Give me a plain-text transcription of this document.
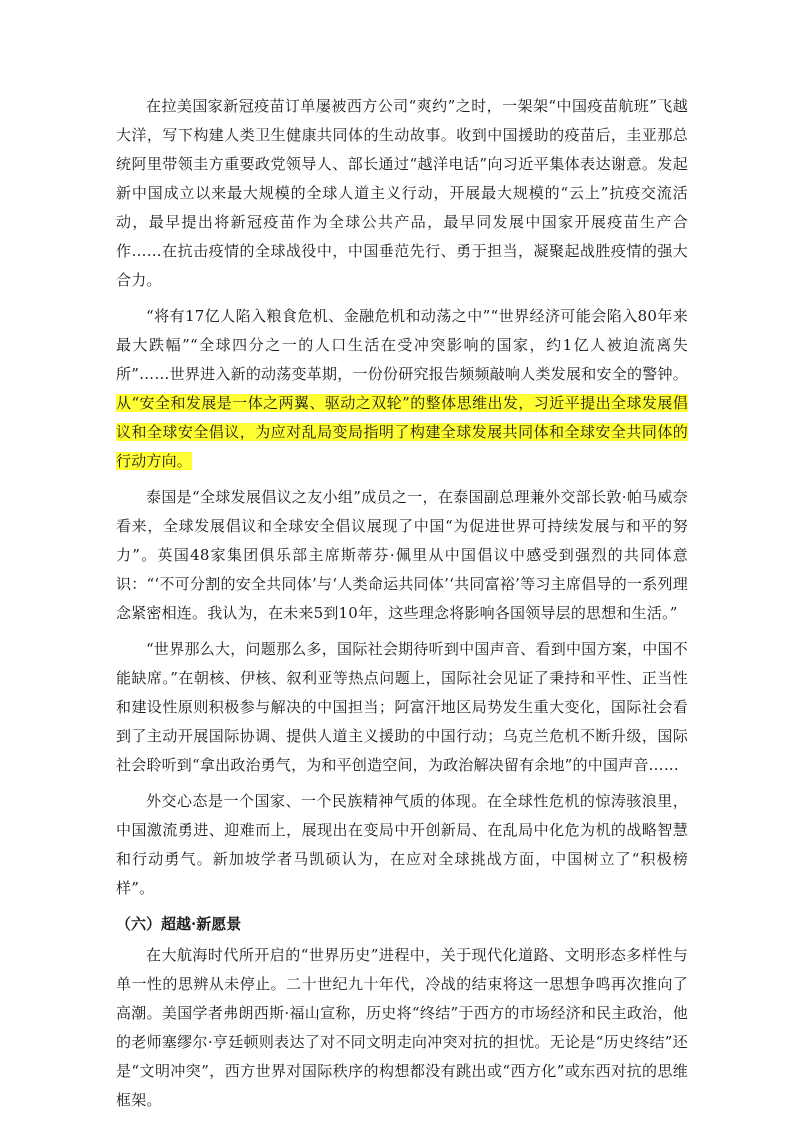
在拉美国家新冠疫苗订单屡被西方公司“爽约”之时，一架架“中国疫苗航班”飞越大洋，写下构建人类卫生健康共同体的生动故事。收到中国援助的疫苗后，圭亚那总统阿里带领圭方重要政党领导人、部长通过“越洋电话”向习近平集体表达谢意。发起新中国成立以来最大规模的全球人道主义行动，开展最大规模的“云上”抗疫交流活动，最早提出将新冠疫苗作为全球公共产品，最早同发展中国家开展疫苗生产合作……在抗击疫情的全球战役中，中国垂范先行、勇于担当，凝聚起战胜疫情的强大合力。

“将有17亿人陷入粮食危机、金融危机和动荡之中”“世界经济可能会陷入80年来最大跌幅”“全球四分之一的人口生活在受冲突影响的国家，约1亿人被迫流离失所”……世界进入新的动荡变革期，一份份研究报告频频敲响人类发展和安全的警钟。从“安全和发展是一体之两翼、驱动之双轮”的整体思维出发，习近平提出全球发展倡议和全球安全倡议，为应对乱局变局指明了构建全球发展共同体和全球安全共同体的行动方向。

泰国是“全球发展倡议之友小组”成员之一，在泰国副总理兼外交部长敦·帕马威奈看来，全球发展倡议和全球安全倡议展现了中国“为促进世界可持续发展与和平的努力”。英国48家集团俱乐部主席斯蒂芬·佩里从中国倡议中感受到强烈的共同体意识：“‘不可分割的安全共同体’与‘人类命运共同体’‘共同富裕’等习主席倡导的一系列理念紧密相连。我认为，在未来5到10年，这些理念将影响各国领导层的思想和生活。”

“世界那么大，问题那么多，国际社会期待听到中国声音、看到中国方案，中国不能缺席。”在朝核、伊核、叙利亚等热点问题上，国际社会见证了秉持和平性、正当性和建设性原则积极参与解决的中国担当；阿富汗地区局势发生重大变化，国际社会看到了主动开展国际协调、提供人道主义援助的中国行动；乌克兰危机不断升级，国际社会聆听到“拿出政治勇气，为和平创造空间，为政治解决留有余地”的中国声音……

外交心态是一个国家、一个民族精神气质的体现。在全球性危机的惊涛骇浪里，中国激流勇进、迎难而上，展现出在变局中开创新局、在乱局中化危为机的战略智慧和行动勇气。新加坡学者马凯硕认为，在应对全球挑战方面，中国树立了“积极榜样”。

（六）超越·新愿景

在大航海时代所开启的“世界历史”进程中，关于现代化道路、文明形态多样性与单一性的思辨从未停止。二十世纪九十年代，冷战的结束将这一思想争鸣再次推向了高潮。美国学者弗朗西斯·福山宣称，历史将“终结”于西方的市场经济和民主政治，他的老师塞缪尔·亨廷顿则表达了对不同文明走向冲突对抗的担忧。无论是“历史终结”还是“文明冲突”，西方世界对国际秩序的构想都没有跳出或“西方化”或东西对抗的思维框架。
